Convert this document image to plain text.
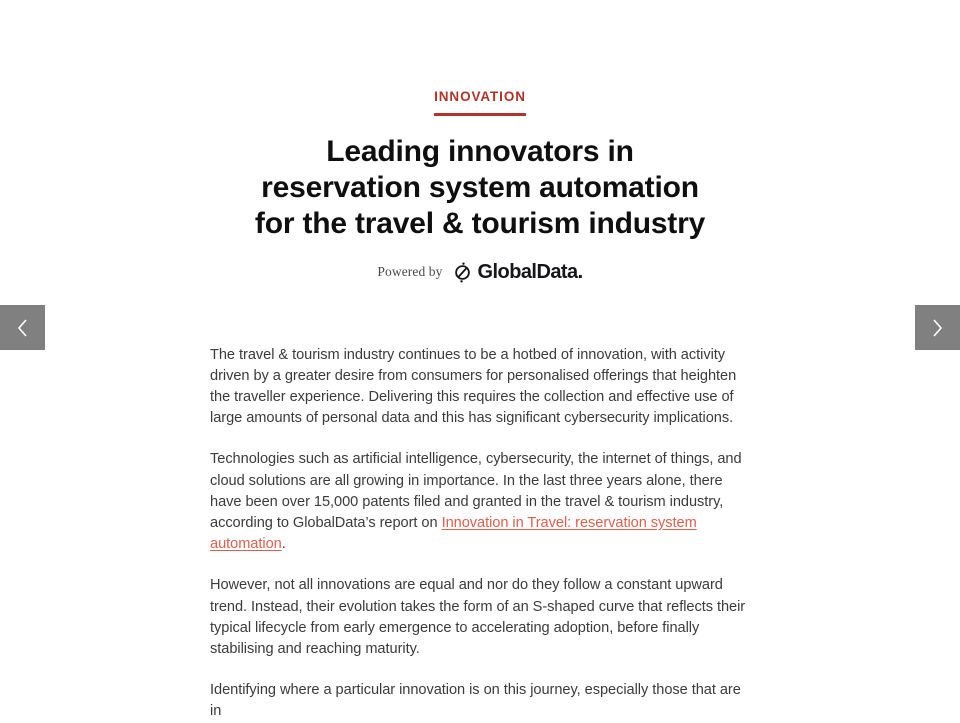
INNOVATION
Leading innovators in
reservation system automation
for the travel & tourism industry
Powered by GlobalData.

The travel & tourism industry continues to be a hotbed of innovation, with activity driven by a greater desire from consumers for personalised offerings that heighten the traveller experience. Delivering this requires the collection and effective use of large amounts of personal data and this has significant cybersecurity implications.

Technologies such as artificial intelligence, cybersecurity, the internet of things, and cloud solutions are all growing in importance. In the last three years alone, there have been over 15,000 patents filed and granted in the travel & tourism industry, according to GlobalData’s report on Innovation in Travel: reservation system automation.

However, not all innovations are equal and nor do they follow a constant upward trend. Instead, their evolution takes the form of an S-shaped curve that reflects their typical lifecycle from early emergence to accelerating adoption, before finally stabilising and reaching maturity.

Identifying where a particular innovation is on this journey, especially those that are in
